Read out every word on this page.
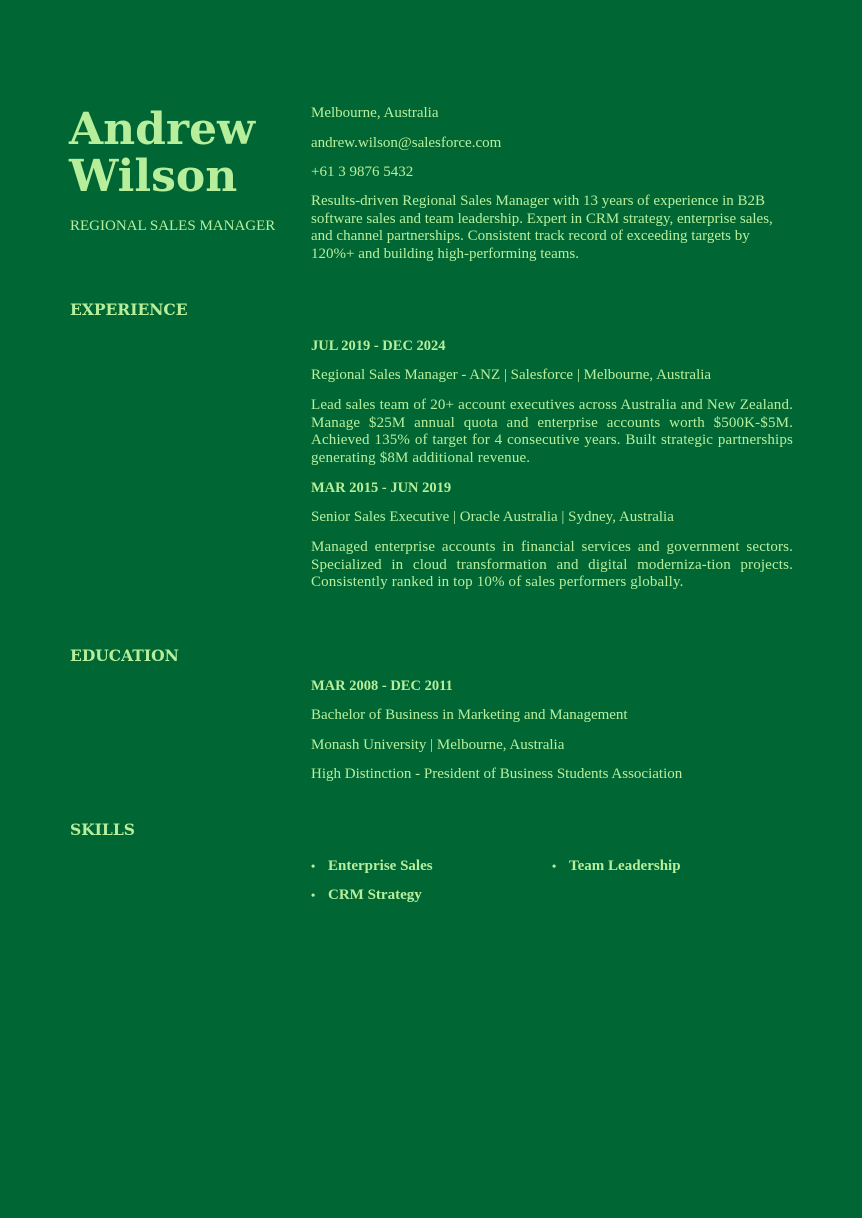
Andrew
Wilson
REGIONAL SALES MANAGER
Melbourne, Australia
andrew.wilson@salesforce.com
+61 3 9876 5432
Results-driven Regional Sales Manager with 13 years of experience in B2B software sales and team leadership. Expert in CRM strategy, enterprise sales, and channel partnerships. Consistent track record of exceeding targets by 120%+ and building high-performing teams.
EXPERIENCE
JUL 2019 - DEC 2024
Regional Sales Manager - ANZ | Salesforce | Melbourne, Australia
Lead sales team of 20+ account executives across Australia and New Zealand. Manage $25M annual quota and enterprise accounts worth $500K-$5M. Achieved 135% of target for 4 consecutive years. Built strategic partnerships generating $8M additional revenue.
MAR 2015 - JUN 2019
Senior Sales Executive | Oracle Australia | Sydney, Australia
Managed enterprise accounts in financial services and government sectors. Specialized in cloud transformation and digital moderniza-tion projects. Consistently ranked in top 10% of sales performers globally.
EDUCATION
MAR 2008 - DEC 2011
Bachelor of Business in Marketing and Management
Monash University | Melbourne, Australia
High Distinction - President of Business Students Association
SKILLS
• Enterprise Sales	• Team Leadership
• CRM Strategy
